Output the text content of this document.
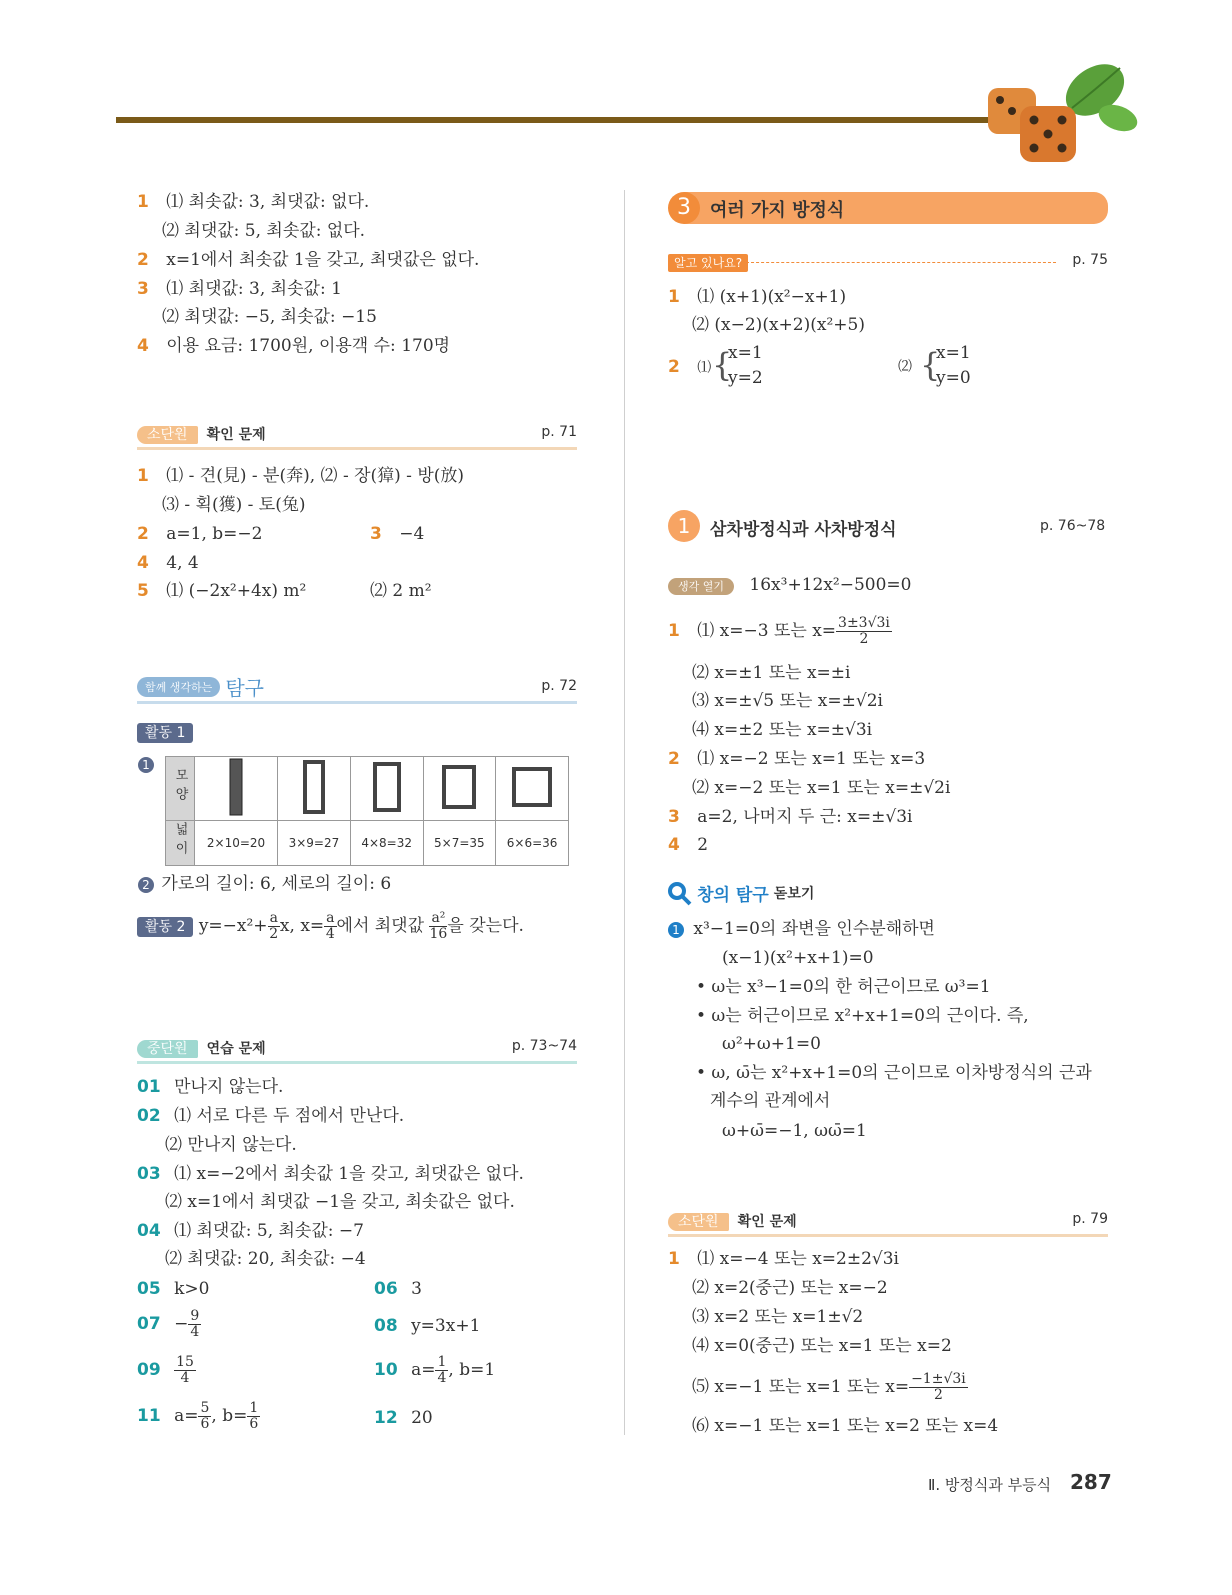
1 ⑴ 최솟값: 3, 최댓값: 없다.
⑵ 최댓값: 5, 최솟값: 없다.
2 x=1에서 최솟값 1을 갖고, 최댓값은 없다.
3 ⑴ 최댓값: 3, 최솟값: 1
⑵ 최댓값: −5, 최솟값: −15
4 이용 요금: 1700원, 이용객 수: 170명
소단원 확인 문제	p. 71
1 ⑴ - 견(見) - 분(奔), ⑵ - 장(獐) - 방(放)
⑶ - 획(獲) - 토(兔)
2 a=1, b=−2	3 −4
4 4, 4
5 ⑴ (−2x²+4x) m²	⑵ 2 m²
함께 생각하는 탐구	p. 72
활동 1
1
모양					
넓이	2×10=20	3×9=27	4×8=32	5×7=35	6×6=36
2 가로의 길이: 6, 세로의 길이: 6
활동 2 $y=-x^2+ \frac{a}{2} x$, $x= \frac{a}{4}$ 에서 최댓값 $\frac{\text{a²}}{16}$ 을 갖는다.
중단원 연습 문제	p. 73~74
01 만나지 않는다.
02 ⑴ 서로 다른 두 점에서 만난다.
⑵ 만나지 않는다.
03 ⑴ x=−2에서 최솟값 1을 갖고, 최댓값은 없다.
⑵ x=1에서 최댓값 −1을 갖고, 최솟값은 없다.
04 ⑴ 최댓값: 5, 최솟값: −7
⑵ 최댓값: 20, 최솟값: −4
05 k>0	06 3
$07 - \frac{9}{4}$	08 y=3x+1
$09 \frac{15}{4}$	10 $a= \frac{1}{4}$ , b=1
11 $a= \frac{5}{6}$ , $b= \frac{1}{6}$	12 20
여러 가지 방정식
3
알고 있나요?	p. 75
1 ⑴ (x+1)(x²−x+1)
⑵ (x−2)(x+2)(x²+5)
2 ⑴ {
x=1
y=2
⑵ {
x=1
y=0
1	삼차방정식과 사차방정식	p. 76~78
생각 열기 16x³+12x²−500=0
1 ⑴ x=−3 또는 $x= \frac{3\pm 3√3i}{2}$
⑵ x=±1 또는 x=±i
⑶ x=±√5 또는 x=±√2i
⑷ x=±2 또는 x=±√3i
2 ⑴ x=−2 또는 x=1 또는 x=3
⑵ x=−2 또는 x=1 또는 x=±√2i
3 a=2, 나머지 두 근: x=±√3i
4 2
창의 탐구 돋보기
1 x³−1=0의 좌변을 인수분해하면
(x−1)(x²+x+1)=0
• ω는 x³−1=0의 한 허근이므로 ω³=1
• ω는 허근이므로 x²+x+1=0의 근이다. 즉,
ω²+ω+1=0
• ω, ω̄는 x²+x+1=0의 근이므로 이차방정식의 근과
계수의 관계에서
ω+ω̄=−1, ωω̄=1
소단원 확인 문제	p. 79
1 ⑴ x=−4 또는 x=2±2√3i
⑵ x=2(중근) 또는 x=−2
⑶ x=2 또는 x=1±√2
⑷ x=0(중근) 또는 x=1 또는 x=2
⑸ x=−1 또는 x=1 또는 $x= \frac{-1\pm√3i}{2}$
⑹ x=−1 또는 x=1 또는 x=2 또는 x=4
Ⅱ. 방정식과 부등식 287
